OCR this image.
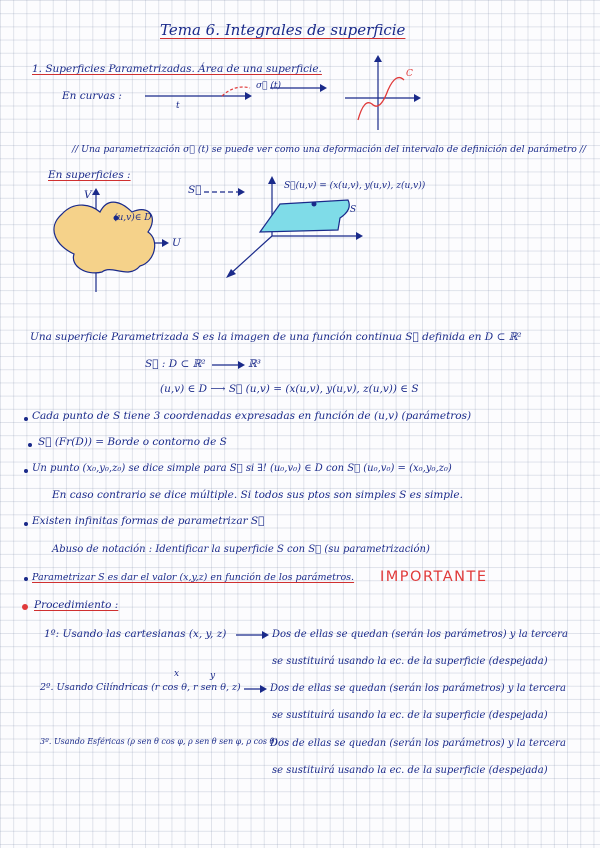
Tema 6. Integrales de superficie
1. Superficies Parametrizadas. Área de una superficie.
En curvas :
t
σ⃗ (t)
C
// Una parametrización σ⃗ (t) se puede ver como una deformación del intervalo de definición del parámetro //
En superficies :
V
U
(u,v)∈ D
S⃗	S⃗(u,v) = (x(u,v), y(u,v), z(u,v))
S
Una superficie Parametrizada S es la imagen de una función continua S⃗ definida en D ⊂ ℝ²
S⃗ : D ⊂ ℝ²	ℝ³
(u,v) ∈ D ⟶ S⃗ (u,v) = (x(u,v), y(u,v), z(u,v)) ∈ S
Cada punto de S tiene 3 coordenadas expresadas en función de (u,v) (parámetros)
S⃗ (Fr(D)) = Borde o contorno de S
Un punto (x₀,y₀,z₀) se dice simple para S⃗ si ∃! (u₀,v₀) ∈ D con S⃗ (u₀,v₀) = (x₀,y₀,z₀)
En caso contrario se dice múltiple. Si todos sus ptos son simples S es simple.
Existen infinitas formas de parametrizar S⃗
Abuso de notación : Identificar la superficie S con S⃗ (su parametrización)
Parametrizar S es dar el valor (x,y,z) en función de los parámetros. IMPORTANTE
Procedimiento :
1º: Usando las cartesianas (x, y, z)	Dos de ellas se quedan (serán los parámetros) y la tercera
se sustituirá usando la ec. de la superficie (despejada)
x	y
2º. Usando Cilíndricas (r cos θ, r sen θ, z)	Dos de ellas se quedan (serán los parámetros) y la tercera
se sustituirá usando la ec. de la superficie (despejada)
3º. Usando Esféricas (ρ sen θ cos φ, ρ sen θ sen φ, ρ cos θ)
Dos de ellas se quedan (serán los parámetros) y la tercera
se sustituirá usando la ec. de la superficie (despejada)
